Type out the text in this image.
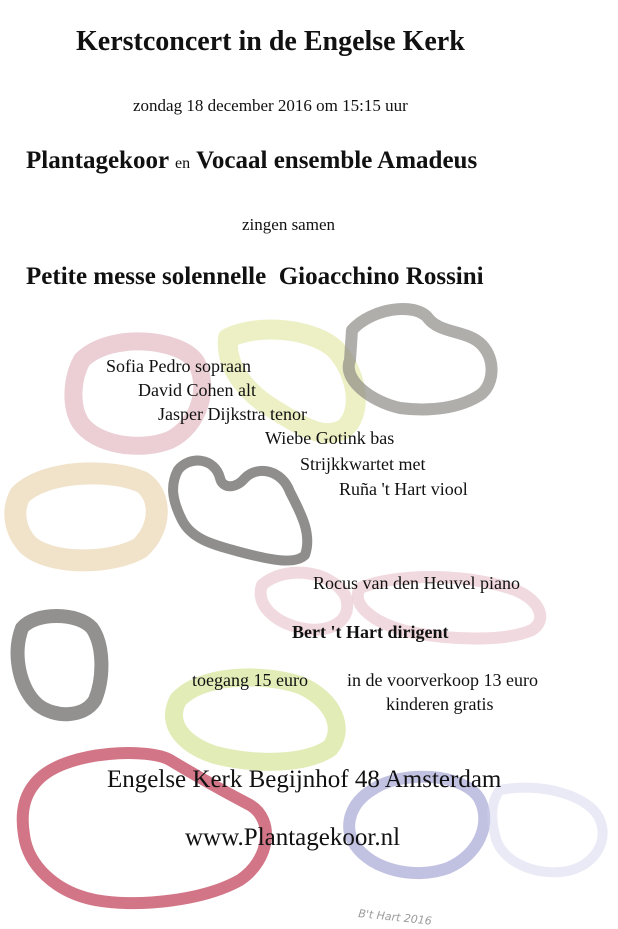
B't Hart 2016
Kerstconcert in de Engelse Kerk
zondag 18 december 2016 om 15:15 uur
Plantagekoor en Vocaal ensemble Amadeus
zingen samen
Petite messe solennelle  Gioacchino Rossini
Sofia Pedro sopraan
David Cohen alt
Jasper Dijkstra tenor
Wiebe Gotink bas
Strijkkwartet met
Ruña 't Hart viool
Rocus van den Heuvel piano
Bert 't Hart dirigent
toegang 15 euro in de voorverkoop 13 euro
kinderen gratis
Engelse Kerk Begijnhof 48 Amsterdam
www.Plantagekoor.nl
